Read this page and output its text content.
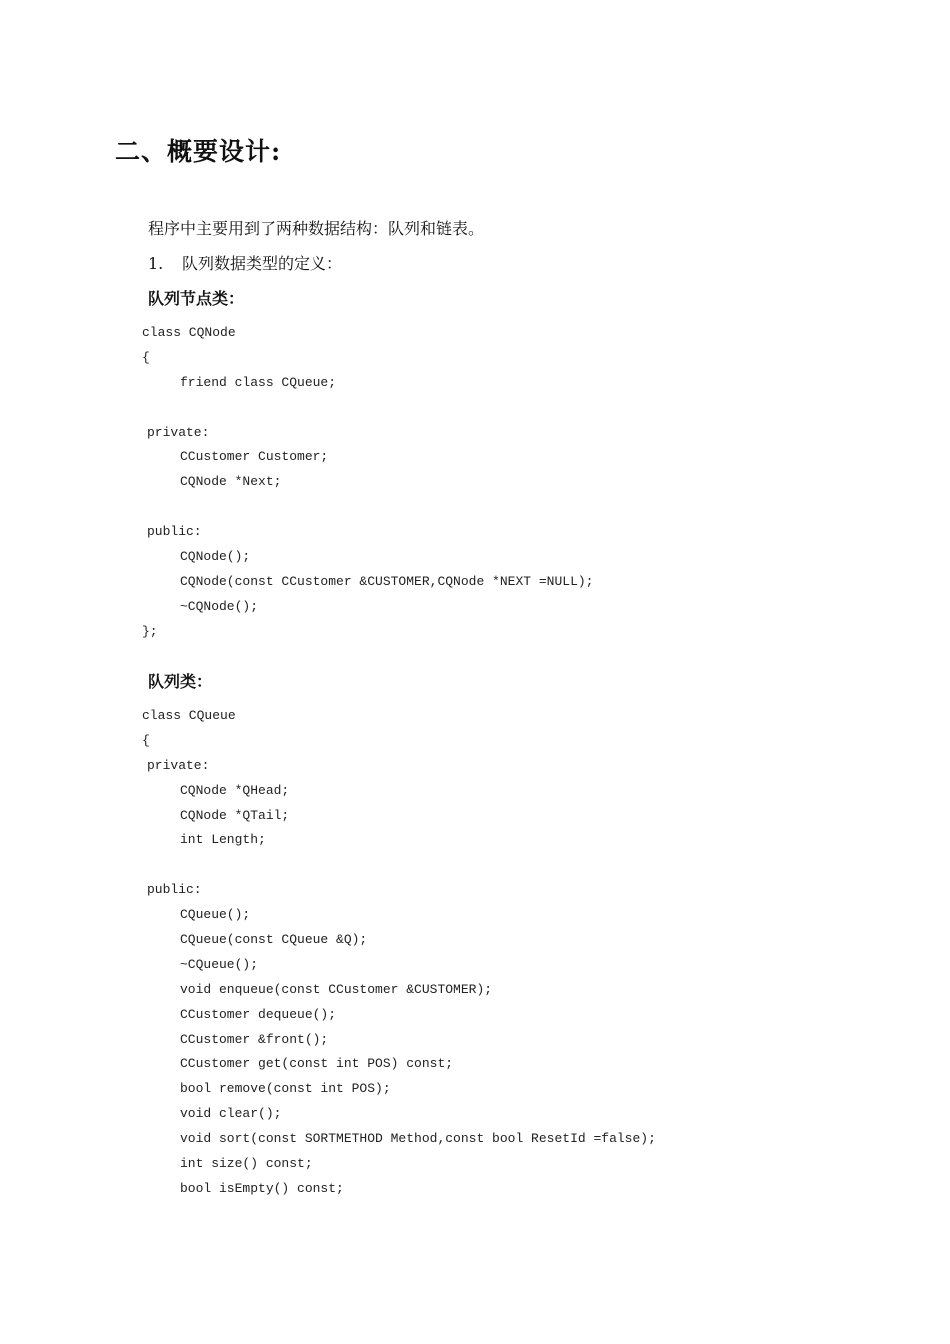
二、概要设计:

程序中主要用到了两种数据结构：队列和链表。

1. 队列数据类型的定义：

队列节点类：
class CQNode
{
friend class CQueue;
private:
CCustomer Customer;
CQNode *Next;
public:
CQNode();
CQNode(const CCustomer &CUSTOMER,CQNode *NEXT =NULL);
~CQNode();
};
队列类：
class CQueue
{
private:
CQNode *QHead;
CQNode *QTail;
int Length;
public:
CQueue();
CQueue(const CQueue &Q);
~CQueue();
void enqueue(const CCustomer &CUSTOMER);
CCustomer dequeue();
CCustomer &front();
CCustomer get(const int POS) const;
bool remove(const int POS);
void clear();
void sort(const SORTMETHOD Method,const bool ResetId =false);
int size() const;
bool isEmpty() const;
